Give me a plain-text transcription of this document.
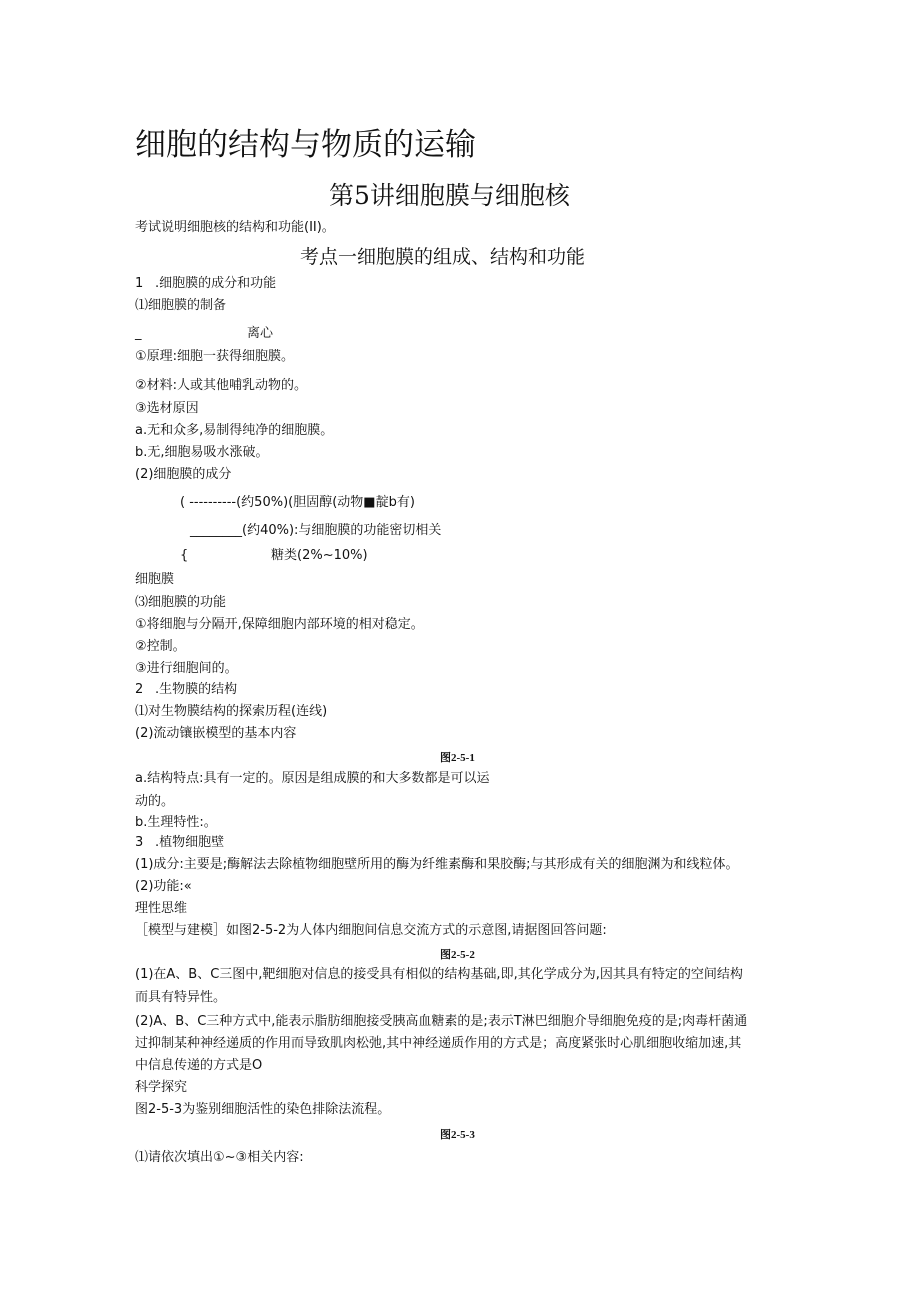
细胞的结构与物质的运输
第5讲细胞膜与细胞核
考试说明细胞核的结构和功能(II)。
考点一细胞膜的组成、结构和功能
1 .细胞膜的成分和功能
⑴细胞膜的制备
_	离心
①原理:细胞一获得细胞膜。
②材料:人或其他哺乳动物的。
③选材原因
a.无和众多,易制得纯净的细胞膜。
b.无,细胞易吸水涨破。
(2)细胞膜的成分
( ----------(约50%)(胆固醇(动物■靛b有)
________(约40%):与细胞膜的功能密切相关
{	糖类(2%~10%)
细胞膜
⑶细胞膜的功能
①将细胞与分隔开,保障细胞内部环境的相对稳定。
②控制。
③进行细胞间的。
2 .生物膜的结构
⑴对生物膜结构的探索历程(连线)
(2)流动镶嵌模型的基本内容
图2-5-1
a.结构特点:具有一定的。原因是组成膜的和大多数都是可以运
动的。
b.生理特性:。
3 .植物细胞壁
(1)成分:主要是;酶解法去除植物细胞壁所用的酶为纤维素酶和果胶酶;与其形成有关的细胞渊为和线粒体。
(2)功能:«
理性思维
［模型与建模］如图2-5-2为人体内细胞间信息交流方式的示意图,请据图回答问题:
图2-5-2
(1)在A、B、C三图中,靶细胞对信息的接受具有相似的结构基础,即,其化学成分为,因其具有特定的空间结构
而具有特异性。
(2)A、B、C三种方式中,能表示脂肪细胞接受胰高血糖素的是;表示T淋巴细胞介导细胞免疫的是;肉毒杆菌通
过抑制某种神经递质的作用而导致肌肉松弛,其中神经递质作用的方式是；高度紧张时心肌细胞收缩加速,其
中信息传递的方式是O
科学探究
图2-5-3为鉴别细胞活性的染色排除法流程。
图2-5-3
⑴请依次填出①~③相关内容:
